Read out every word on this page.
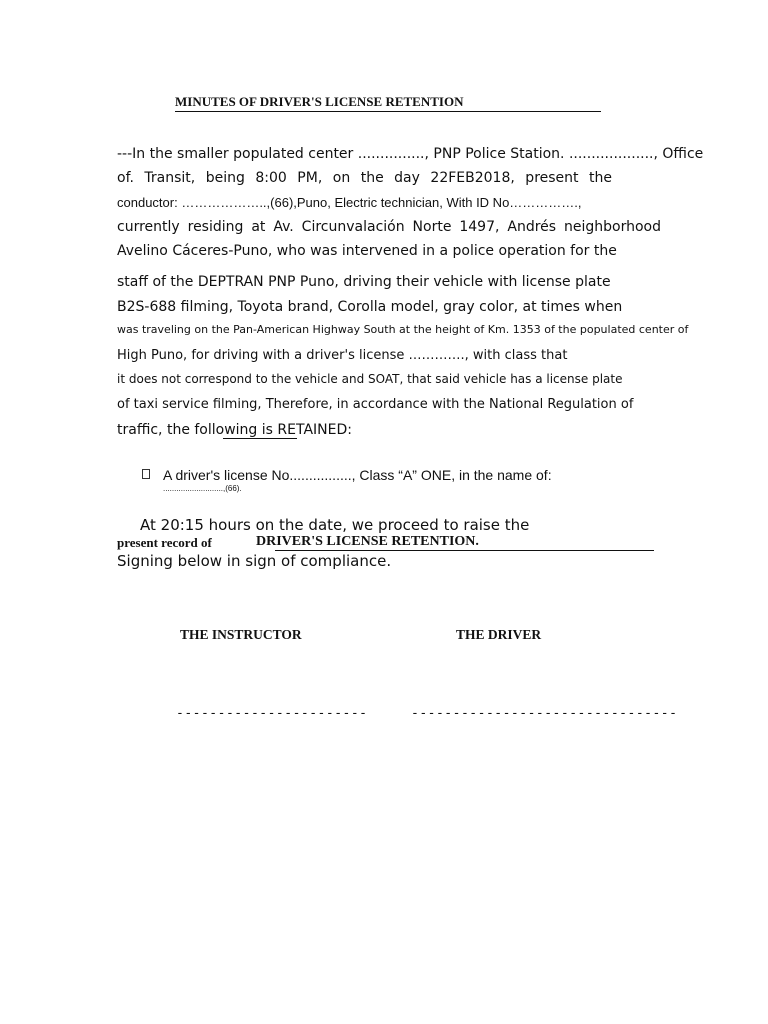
MINUTES OF DRIVER'S LICENSE RETENTION
---In the smaller populated center ..............., PNP Police Station. ..................., Office
of. Transit, being 8:00 PM, on the day 22FEB2018, present the
conductor: ………………..,(66),Puno, Electric technician, With ID No…………….,
currently residing at Av. Circunvalación Norte 1497, Andrés neighborhood
Avelino Cáceres-Puno, who was intervened in a police operation for the
staff of the DEPTRAN PNP Puno, driving their vehicle with license plate
B2S-688 filming, Toyota brand, Corolla model, gray color, at times when
was traveling on the Pan-American Highway South at the height of Km. 1353 of the populated center of
High Puno, for driving with a driver's license …………., with class that
it does not correspond to the vehicle and SOAT, that said vehicle has a license plate
of taxi service filming, Therefore, in accordance with the National Regulation of
traffic, the following is RETAINED:
A driver's license No................, Class “A” ONE, in the name of:
...........................,(66).
At 20:15 hours on the date, we proceed to raise the
present record of	DRIVER'S LICENSE RETENTION.
Signing below in sign of compliance.
THE INSTRUCTOR	THE DRIVER
-----------------------	--------------------------------
